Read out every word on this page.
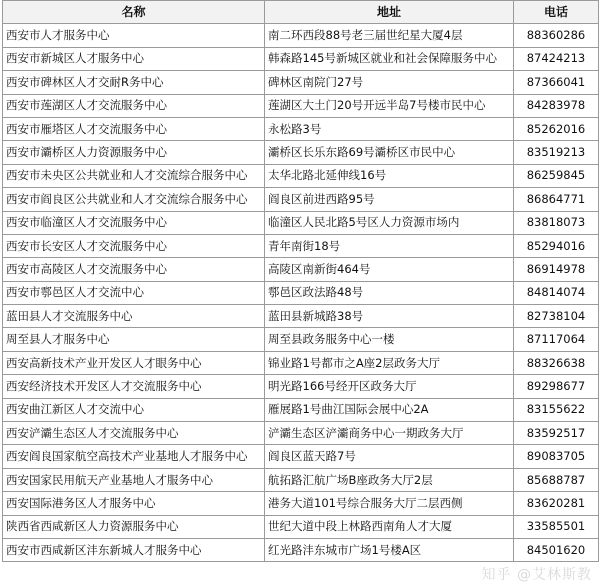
名称	地址	电话
西安市人才服务中心	南二环西段88号老三届世纪星大厦4层	88360286
西安市新城区人才服务中心	韩森路145号新城区就业和社会保障服务中心	87424213
西安市碑林区人才交耐R务中心	碑林区南院门27号	87366041
西安市莲湖区人才交流服务中心	莲湖区大土门20号开远半岛7号楼市民中心	84283978
西安市雁塔区人才交流服务中心	永松路3号	85262016
西安市灞桥区人力资源服务中心	灞桥区长乐东路69号灞桥区市民中心	83519213
西安市未央区公共就业和人才交流综合服务中心	太华北路北延伸线16号	86259845
西安市阎良区公共就业和人才交流综合服务中心	阎良区前进西路95号	86864771
西安市临潼区人才交流服务中心	临潼区人民北路5号区人力资源市场内	83818073
西安市长安区人才交流服务中心	青年南街18号	85294016
西安市高陵区人才交流服务中心	高陵区南新街464号	86914978
西安市鄠邑区人才交流中心	鄠邑区政法路48号	84814074
蓝田县人才交流服务中心	蓝田县新城路38号	82738104
周至县人才服务中心	周至县政务服务中心一楼	87117064
西安高新技术产业开发区人才眼务中心	锦业路1号都市之A座2层政务大厅	88326638
西安经济技术开发区人才交流服务中心	明光路166号经开区政务大厅	89298677
西安曲江新区人才交流中心	雁展路1号曲江国际会展中心2A	83155622
西安浐灞生态区人才交流服务中心	浐灞生态区浐灞商务中心一期政务大厅	83592517
西安阎良国家航空高技术产业基地人才服务中心	阎良区蓝天路7号	89083705
西安国家民用航天产业基地人才服务中心	航拓路汇航广场B座政务大厅2层	85688787
西安国际港务区人才服务中心	港务大道101号综合服务大厅二层西侧	83620281
陕西省西咸新区人力资源服务中心	世纪大道中段上林路西南角人才大厦	33585501
西安市西咸新区沣东新城人才服务中心	红光路沣东城市广场1号楼A区	84501620
知乎 @艾林斯教
